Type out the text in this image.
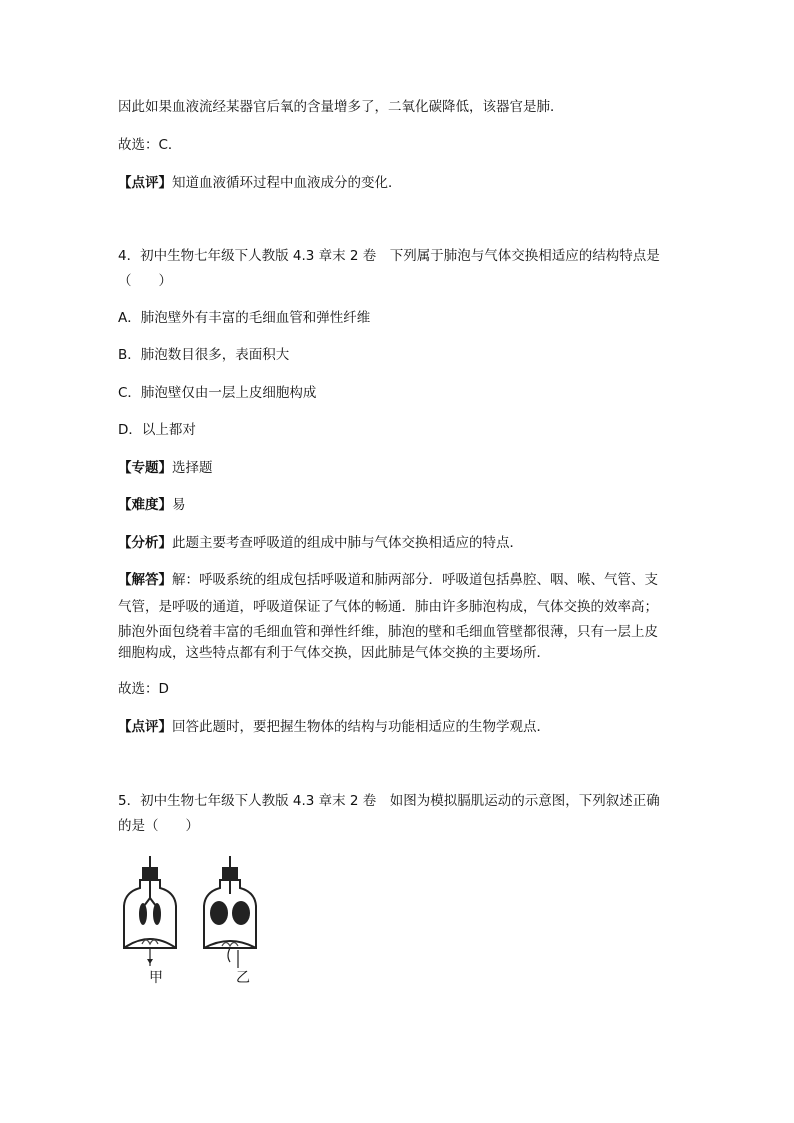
因此如果血液流经某器官后氧的含量增多了，二氧化碳降低，该器官是肺．
故选：C．
【点评】知道血液循环过程中血液成分的变化．
4．初中生物七年级下人教版 4.3 章末 2 卷　下列属于肺泡与气体交换相适应的结构特点是
（　　）
A．肺泡壁外有丰富的毛细血管和弹性纤维
B．肺泡数目很多，表面积大
C．肺泡壁仅由一层上皮细胞构成
D．以上都对
【专题】选择题
【难度】易
【分析】此题主要考查呼吸道的组成中肺与气体交换相适应的特点．
【解答】解：呼吸系统的组成包括呼吸道和肺两部分．呼吸道包括鼻腔、咽、喉、气管、支
气管，是呼吸的通道，呼吸道保证了气体的畅通．肺由许多肺泡构成，气体交换的效率高；
肺泡外面包绕着丰富的毛细血管和弹性纤维，肺泡的壁和毛细血管壁都很薄，只有一层上皮
细胞构成，这些特点都有利于气体交换，因此肺是气体交换的主要场所．
故选：D
【点评】回答此题时，要把握生物体的结构与功能相适应的生物学观点．
5．初中生物七年级下人教版 4.3 章末 2 卷　如图为模拟膈肌运动的示意图，下列叙述正确
的是（　　）
甲	乙
